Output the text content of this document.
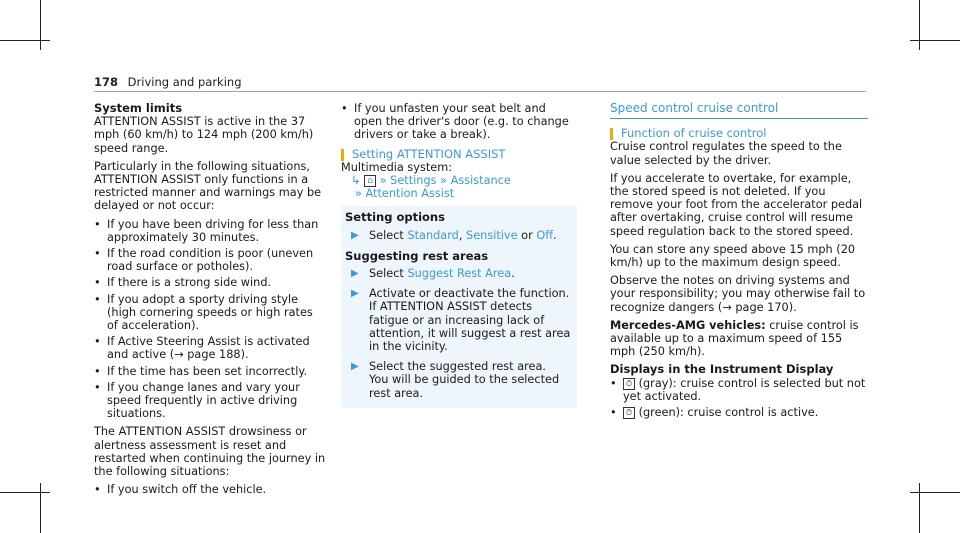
178 Driving and parking
System limits

ATTENTION ASSIST is active in the 37 mph (60 km/h) to 124 mph (200 km/h) speed range.

Particularly in the following situations, ATTENTION ASSIST only functions in a restricted manner and warnings may be delayed or not occur:

• If you have been driving for less than approximately 30 minutes.
• If the road condition is poor (uneven road surface or potholes).
• If there is a strong side wind.
• If you adopt a sporty driving style (high cornering speeds or high rates of acceleration).
• If Active Steering Assist is activated and active (→ page 188).
• If the time has been set incorrectly.
• If you change lanes and vary your speed frequently in active driving situations.

The ATTENTION ASSIST drowsiness or alertness assessment is reset and restarted when continuing the journey in the following situations:

• If you switch off the vehicle.
• If you unfasten your seat belt and open the driver's door (e.g. to change drivers or take a break).
Setting ATTENTION ASSIST
Multimedia system:
↳ ⌂ » Settings » Assistance
» Attention Assist
Setting options
▶ Select Standard, Sensitive or Off.
Suggesting rest areas
▶ Select Suggest Rest Area.
▶ Activate or deactivate the function.
If ATTENTION ASSIST detects fatigue or an increasing lack of attention, it will suggest a rest area in the vicinity.
▶ Select the suggested rest area.
You will be guided to the selected rest area.
Speed control cruise control
Function of cruise control

Cruise control regulates the speed to the value selected by the driver.

If you accelerate to overtake, for example, the stored speed is not deleted. If you remove your foot from the accelerator pedal after overtaking, cruise control will resume speed regulation back to the stored speed.

You can store any speed above 15 mph (20 km/h) up to the maximum design speed.

Observe the notes on driving systems and your responsibility; you may otherwise fail to recognize dangers (→ page 170).

Mercedes-AMG vehicles: cruise control is available up to a maximum speed of 155 mph (250 km/h).

Displays in the Instrument Display
• ⏱ (gray): cruise control is selected but not yet activated.
• ⏱ (green): cruise control is active.
